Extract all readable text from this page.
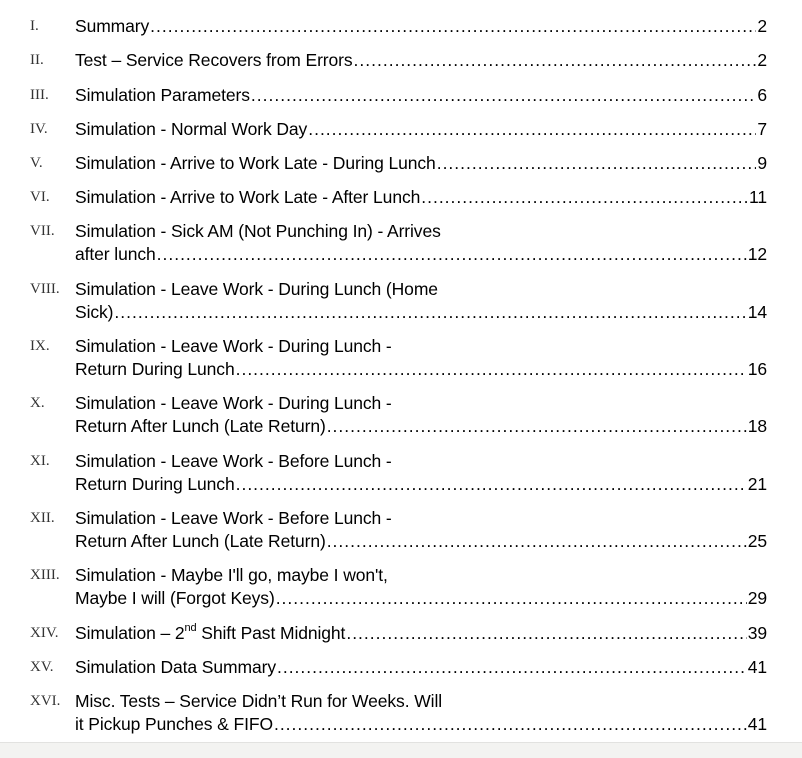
I. Summary .....	2
II. Test – Service Recovers from Errors .....	2
III. Simulation Parameters .....	6
IV. Simulation - Normal Work Day .....	7
V. Simulation - Arrive to Work Late - During Lunch .....	9
VI. Simulation - Arrive to Work Late - After Lunch .....	11
VII. Simulation - Sick AM (Not Punching In) - Arrives
after lunch .....	12
VIII. Simulation - Leave Work - During Lunch (Home
Sick) .....	14
IX. Simulation - Leave Work - During Lunch -
Return During Lunch .....	16
X. Simulation - Leave Work - During Lunch -
Return After Lunch (Late Return) .....	18
XI. Simulation - Leave Work - Before Lunch -
Return During Lunch .....	21
XII. Simulation - Leave Work - Before Lunch -
Return After Lunch (Late Return) .....	25
XIII. Simulation - Maybe I'll go, maybe I won't,
Maybe I will (Forgot Keys) .....	29
XIV. Simulation – 2nd Shift Past Midnight .....	39
XV. Simulation Data Summary .....	41
XVI. Misc. Tests – Service Didn’t Run for Weeks. Will
it Pickup Punches & FIFO .....	41
